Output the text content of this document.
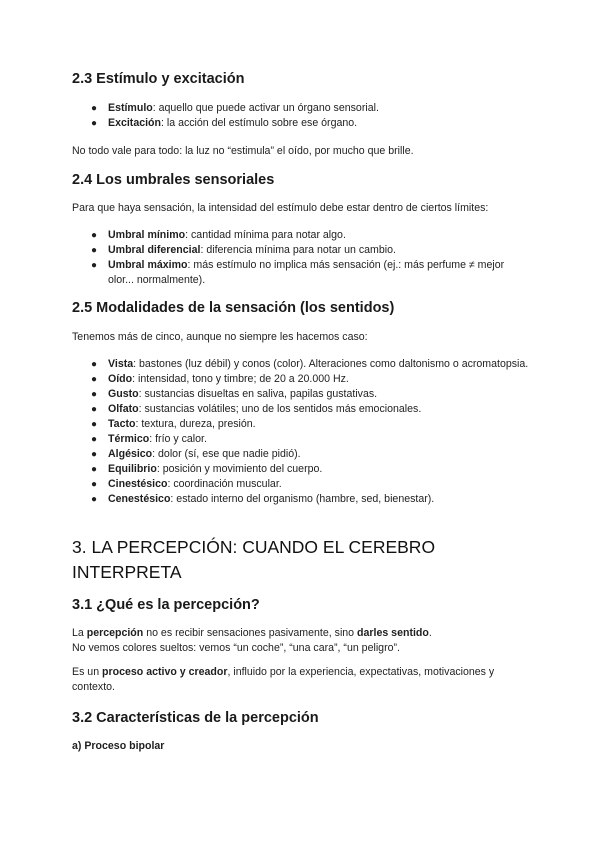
2.3 Estímulo y excitación
● Estímulo: aquello que puede activar un órgano sensorial.
● Excitación: la acción del estímulo sobre ese órgano.

No todo vale para todo: la luz no “estimula” el oído, por mucho que brille.

2.4 Los umbrales sensoriales

Para que haya sensación, la intensidad del estímulo debe estar dentro de ciertos límites:

● Umbral mínimo: cantidad mínima para notar algo.
● Umbral diferencial: diferencia mínima para notar un cambio.
● Umbral máximo: más estímulo no implica más sensación (ej.: más perfume ≠ mejor olor... normalmente).
2.5 Modalidades de la sensación (los sentidos)

Tenemos más de cinco, aunque no siempre les hacemos caso:

● Vista: bastones (luz débil) y conos (color). Alteraciones como daltonismo o acromatopsia.
● Oído: intensidad, tono y timbre; de 20 a 20.000 Hz.
● Gusto: sustancias disueltas en saliva, papilas gustativas.
● Olfato: sustancias volátiles; uno de los sentidos más emocionales.
● Tacto: textura, dureza, presión.
● Térmico: frío y calor.
● Algésico: dolor (sí, ese que nadie pidió).
● Equilibrio: posición y movimiento del cuerpo.
● Cinestésico: coordinación muscular.
● Cenestésico: estado interno del organismo (hambre, sed, bienestar).
3. LA PERCEPCIÓN: CUANDO EL CEREBRO INTERPRETA
3.1 ¿Qué es la percepción?

La percepción no es recibir sensaciones pasivamente, sino darles sentido.

No vemos colores sueltos: vemos “un coche”, “una cara”, “un peligro”.

Es un proceso activo y creador, influido por la experiencia, expectativas, motivaciones y contexto.

3.2 Características de la percepción

a) Proceso bipolar
